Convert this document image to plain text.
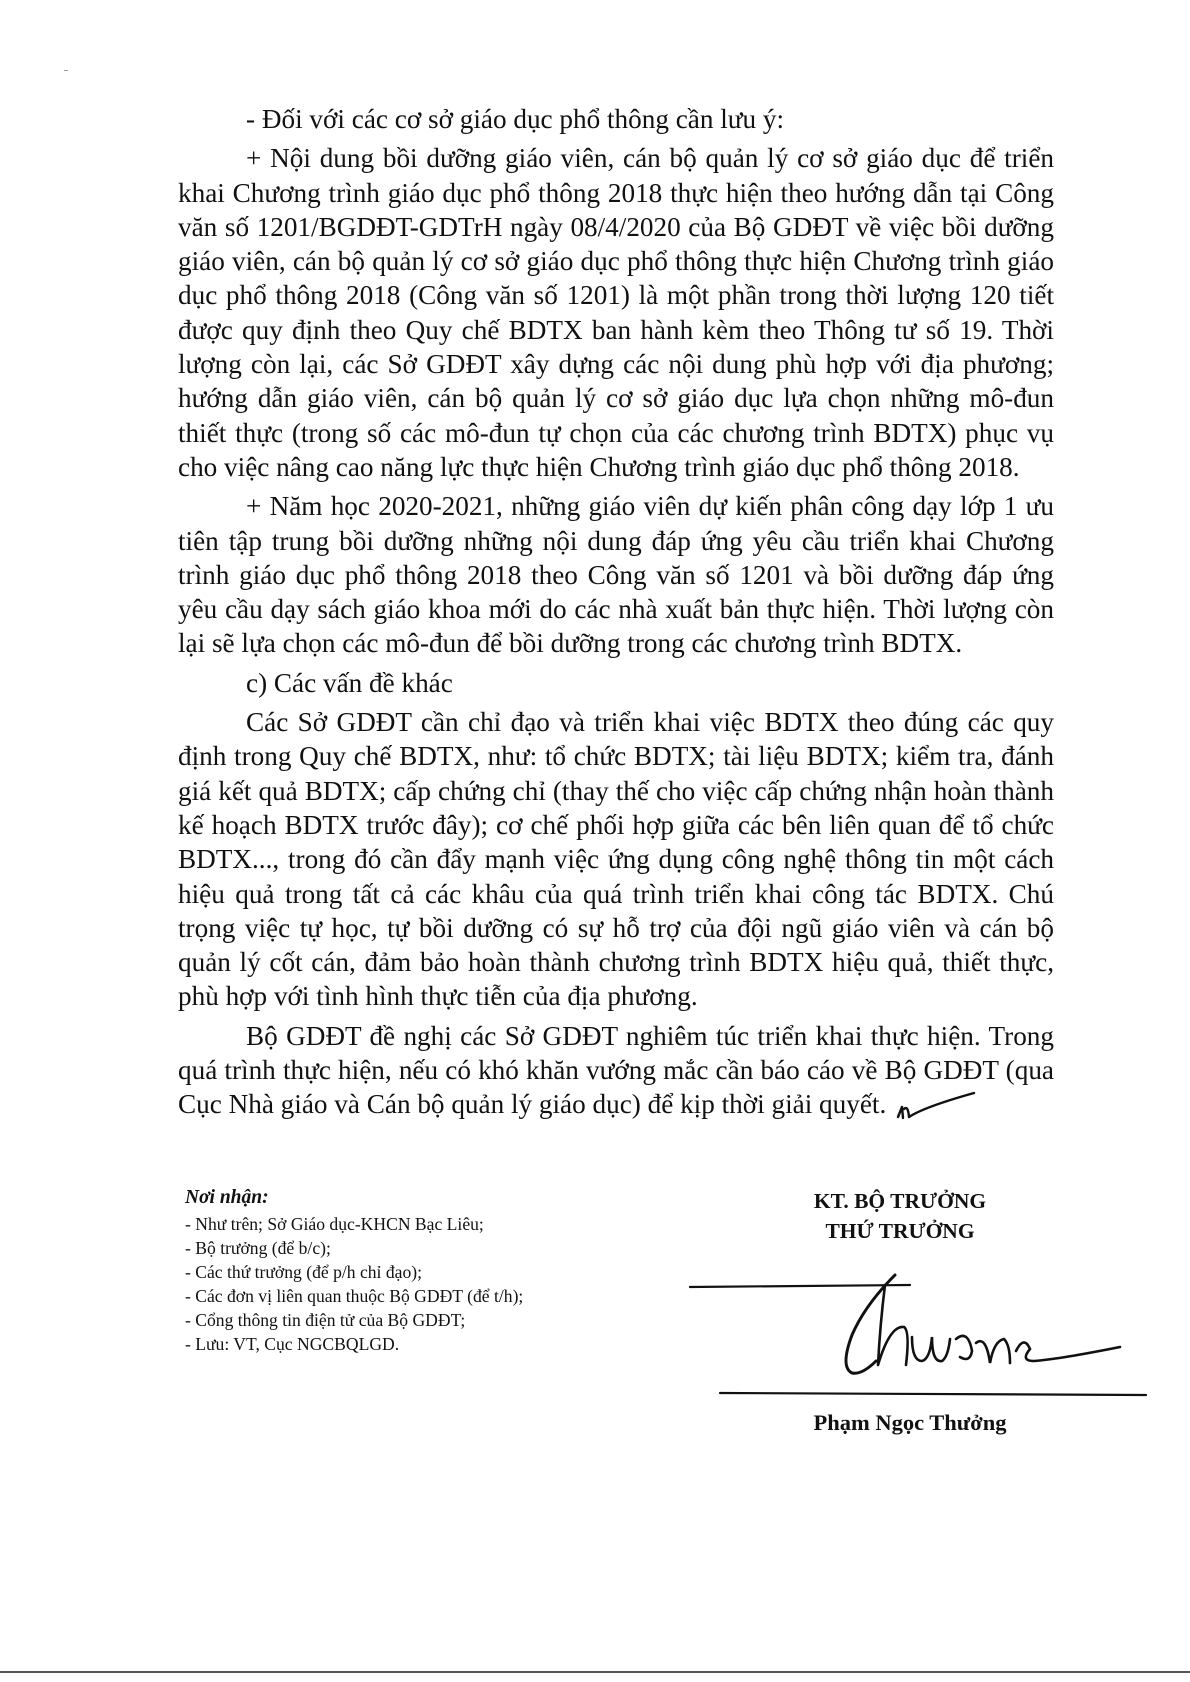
- Đối với các cơ sở giáo dục phổ thông cần lưu ý:

+ Nội dung bồi dưỡng giáo viên, cán bộ quản lý cơ sở giáo dục để triển khai Chương trình giáo dục phổ thông 2018 thực hiện theo hướng dẫn tại Công văn số 1201/BGDĐT-GDTrH ngày 08/4/2020 của Bộ GDĐT về việc bồi dưỡng giáo viên, cán bộ quản lý cơ sở giáo dục phổ thông thực hiện Chương trình giáo dục phổ thông 2018 (Công văn số 1201) là một phần trong thời lượng 120 tiết được quy định theo Quy chế BDTX ban hành kèm theo Thông tư số 19. Thời lượng còn lại, các Sở GDĐT xây dựng các nội dung phù hợp với địa phương; hướng dẫn giáo viên, cán bộ quản lý cơ sở giáo dục lựa chọn những mô-đun thiết thực (trong số các mô-đun tự chọn của các chương trình BDTX) phục vụ cho việc nâng cao năng lực thực hiện Chương trình giáo dục phổ thông 2018.

+ Năm học 2020-2021, những giáo viên dự kiến phân công dạy lớp 1 ưu tiên tập trung bồi dưỡng những nội dung đáp ứng yêu cầu triển khai Chương trình giáo dục phổ thông 2018 theo Công văn số 1201 và bồi dưỡng đáp ứng yêu cầu dạy sách giáo khoa mới do các nhà xuất bản thực hiện. Thời lượng còn lại sẽ lựa chọn các mô-đun để bồi dưỡng trong các chương trình BDTX.

c) Các vấn đề khác

Các Sở GDĐT cần chỉ đạo và triển khai việc BDTX theo đúng các quy định trong Quy chế BDTX, như: tổ chức BDTX; tài liệu BDTX; kiểm tra, đánh giá kết quả BDTX; cấp chứng chỉ (thay thế cho việc cấp chứng nhận hoàn thành kế hoạch BDTX trước đây); cơ chế phối hợp giữa các bên liên quan để tổ chức BDTX..., trong đó cần đẩy mạnh việc ứng dụng công nghệ thông tin một cách hiệu quả trong tất cả các khâu của quá trình triển khai công tác BDTX. Chú trọng việc tự học, tự bồi dưỡng có sự hỗ trợ của đội ngũ giáo viên và cán bộ quản lý cốt cán, đảm bảo hoàn thành chương trình BDTX hiệu quả, thiết thực, phù hợp với tình hình thực tiễn của địa phương.

Bộ GDĐT đề nghị các Sở GDĐT nghiêm túc triển khai thực hiện. Trong quá trình thực hiện, nếu có khó khăn vướng mắc cần báo cáo về Bộ GDĐT (qua Cục Nhà giáo và Cán bộ quản lý giáo dục) để kịp thời giải quyết.

Nơi nhận:
- Như trên; Sở Giáo dục-KHCN Bạc Liêu;
- Bộ trưởng (để b/c);
- Các thứ trưởng (để p/h chỉ đạo);
- Các đơn vị liên quan thuộc Bộ GDĐT (để t/h);
- Cổng thông tin điện tử của Bộ GDĐT;
- Lưu: VT, Cục NGCBQLGD.
KT. BỘ TRƯỞNG
THỨ TRƯỞNG
Phạm Ngọc Thưởng
